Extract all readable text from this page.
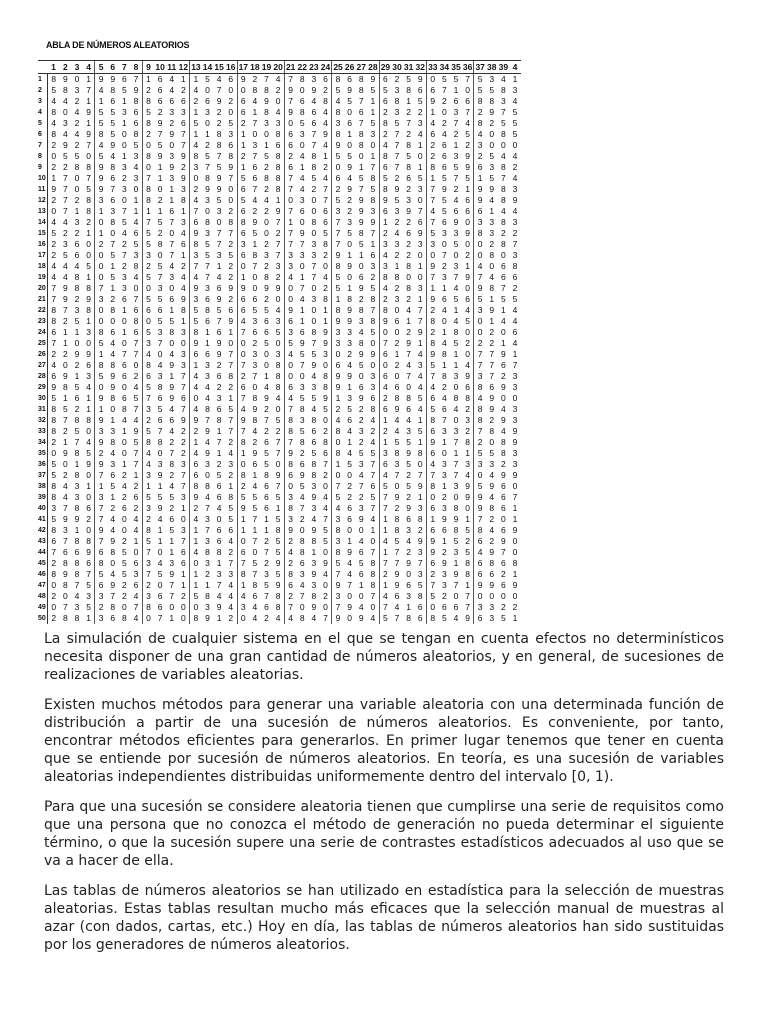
ABLA DE NÚMEROS ALEATORIOS
	1	2	3	4	5	6	7	8	9	10	11	12	13	14	15	16	17	18	19	20	21	22	23	24	25	26	27	28	29	30	31	32	33	34	35	36	37	38	39	4
1	8	9	0	1	9	9	6	7	1	6	4	1	1	5	4	6	9	2	7	4	7	8	3	6	8	6	8	9	6	2	5	9	0	5	5	7	5	3	4	1
2	5	8	3	7	4	8	5	9	2	6	4	2	4	0	7	0	0	8	8	2	9	0	9	2	5	9	8	5	5	3	8	6	6	7	1	0	5	5	8	3
3	4	4	2	1	1	6	1	8	8	6	6	6	2	6	9	2	6	4	9	0	7	6	4	8	4	5	7	1	6	8	1	5	9	2	6	6	8	8	3	4
4	8	0	4	9	5	5	3	6	5	2	3	3	1	3	2	0	6	1	8	4	9	8	6	4	8	0	6	1	2	3	2	2	1	0	3	7	2	9	7	5
5	4	3	2	1	5	5	1	6	8	9	2	6	5	0	2	5	2	7	3	3	0	5	6	4	3	6	7	5	8	5	7	3	4	2	7	4	8	2	5	5
6	8	4	4	9	8	5	0	8	2	7	9	7	1	1	8	3	1	0	0	8	6	3	7	9	8	1	8	3	2	7	2	4	6	4	2	5	4	0	8	5
7	2	9	2	7	4	9	0	5	0	5	0	7	4	2	8	6	1	3	1	6	6	0	7	4	9	0	8	0	4	7	8	1	2	6	1	2	3	0	0	0
8	0	5	5	0	5	4	1	3	8	9	3	9	8	5	7	8	2	7	5	8	2	4	8	1	5	5	0	1	8	7	5	0	2	6	3	9	2	5	4	4
9	2	2	8	8	9	8	3	4	0	1	9	2	3	7	5	9	1	6	2	8	6	1	8	2	0	9	1	7	6	7	8	1	8	6	5	9	6	3	8	2
10	1	7	0	7	9	6	2	3	7	1	3	9	0	8	9	7	5	6	8	8	7	4	5	4	6	4	5	8	5	2	6	5	1	5	7	5	1	5	7	4
11	9	7	0	5	9	7	3	0	8	0	1	3	2	9	9	0	6	7	2	8	7	4	2	7	2	9	7	5	8	9	2	3	7	9	2	1	9	9	8	3
12	2	7	2	8	3	6	0	1	8	2	1	8	4	3	5	0	5	4	4	1	0	3	0	7	5	2	9	8	9	5	3	0	7	5	4	6	9	4	8	9
13	0	7	1	8	1	3	7	1	1	1	6	1	7	0	3	2	6	2	2	9	7	6	0	6	3	2	9	3	6	3	9	7	4	5	6	6	6	1	4	4
14	4	4	3	2	0	8	5	4	7	5	7	3	6	8	0	8	8	9	0	7	1	0	8	6	7	3	9	9	1	2	2	6	7	6	9	0	3	3	8	3
15	5	2	2	1	1	0	4	6	5	2	0	4	9	3	7	7	6	5	0	2	7	9	0	5	7	5	8	7	2	4	6	9	5	3	3	9	8	3	2	2
16	2	3	6	0	2	7	2	5	5	8	7	6	8	5	7	2	3	1	2	7	7	7	3	8	7	0	5	1	3	3	2	3	3	0	5	0	0	2	8	7
17	2	5	6	0	0	5	7	3	3	0	7	1	3	5	3	5	6	8	3	7	3	3	3	2	9	1	1	6	4	2	2	0	0	7	0	2	0	8	0	3
18	4	4	4	5	0	1	2	8	2	5	4	2	7	7	1	2	0	7	2	3	3	0	7	0	8	9	0	3	3	1	8	1	9	2	3	1	4	0	6	8
19	4	4	8	1	0	5	3	4	5	7	3	4	4	7	4	2	1	0	8	2	4	1	7	4	5	0	6	2	8	8	0	0	7	3	7	9	7	4	6	6
20	7	9	8	8	7	1	3	0	0	3	0	4	9	3	6	9	9	0	9	9	0	7	0	2	5	1	9	5	4	2	8	3	1	1	4	0	9	8	7	2
21	7	9	2	9	3	2	6	7	5	5	6	9	3	6	9	2	6	6	2	0	0	4	3	8	1	8	2	8	2	3	2	1	9	6	5	6	5	1	5	5
22	8	7	3	8	0	8	1	6	6	6	1	8	5	8	5	6	6	5	5	4	9	1	0	1	8	9	8	7	8	0	4	7	2	4	1	4	3	9	1	4
23	8	2	5	1	0	0	0	8	0	5	5	1	5	6	7	9	4	3	6	3	6	1	0	1	9	9	3	8	9	6	1	7	8	0	4	5	0	1	4	4
24	6	1	1	3	8	6	1	6	5	3	8	3	8	1	6	1	7	6	6	5	3	6	8	9	3	3	4	5	0	0	2	9	2	1	8	0	0	2	0	6
25	7	1	0	0	5	4	0	7	3	7	0	0	9	1	9	0	0	2	5	0	5	9	7	9	3	3	8	0	7	2	9	1	8	4	5	2	2	2	1	4
26	2	2	9	9	1	4	7	7	4	0	4	3	6	6	9	7	0	3	0	3	4	5	5	3	0	2	9	9	6	1	7	4	9	8	1	0	7	7	9	1
27	4	0	2	6	8	8	6	0	8	4	9	3	1	3	2	7	7	3	0	8	0	7	9	0	6	4	5	0	0	2	4	3	5	1	1	4	7	7	6	7
28	6	9	1	3	5	9	6	2	6	3	1	7	4	3	6	8	2	7	1	8	0	0	4	8	9	9	0	3	6	0	7	4	7	8	3	9	3	7	2	3
29	9	8	5	4	0	9	0	4	5	8	9	7	4	4	2	2	6	0	4	8	6	3	3	8	9	1	6	3	4	6	0	4	4	2	0	6	8	6	9	3
30	5	1	6	1	9	8	6	5	7	6	9	6	0	4	3	1	7	8	9	4	4	5	5	9	1	3	9	6	2	8	8	5	6	4	8	8	4	9	0	0
31	8	5	2	1	1	0	8	7	3	5	4	7	4	8	6	5	4	9	2	0	7	8	4	5	2	5	2	8	6	9	6	4	5	6	4	2	8	9	4	3
32	8	7	8	8	9	1	4	4	2	6	6	9	9	7	8	7	9	8	7	5	8	3	8	0	4	6	2	4	1	4	4	1	8	7	0	3	8	2	9	3
33	8	2	5	0	3	3	1	9	5	7	4	2	2	9	1	7	7	4	2	2	8	5	6	2	8	4	3	2	2	4	3	5	6	3	3	2	7	8	4	9
34	2	1	7	4	9	8	0	5	8	8	2	2	1	4	7	2	8	2	6	7	7	8	6	8	0	1	2	4	1	5	5	1	9	1	7	8	2	0	8	9
35	0	9	8	5	2	4	0	7	4	0	7	2	4	9	1	4	1	9	5	7	9	2	5	6	8	4	5	5	3	8	9	8	6	0	1	1	5	5	8	3
36	5	0	1	9	9	3	1	7	4	3	8	3	6	3	2	3	0	6	5	0	8	6	8	7	1	5	3	7	6	3	5	0	4	3	7	3	3	3	2	3
37	5	2	8	0	7	6	2	1	3	9	2	7	6	0	5	2	8	1	8	9	6	9	8	2	0	0	4	7	4	7	2	7	7	3	7	4	0	4	9	9
38	8	4	3	1	1	5	4	2	1	1	4	7	8	8	6	1	2	4	6	7	0	5	3	0	7	2	7	6	5	0	5	9	8	1	3	9	5	9	6	0
39	8	4	3	0	3	1	2	6	5	5	5	3	9	4	6	8	5	5	6	5	3	4	9	4	5	2	2	5	7	9	2	1	0	2	0	9	9	4	6	7
40	3	7	8	6	7	2	6	2	3	9	2	1	2	7	4	5	9	5	6	1	8	7	3	4	4	6	3	7	7	2	9	3	6	3	8	0	9	8	6	1
41	5	9	9	2	7	4	0	4	2	4	6	0	4	3	0	5	1	7	1	5	3	2	4	7	3	6	9	4	1	8	6	8	1	9	9	1	7	2	0	1
42	8	3	1	0	9	4	0	4	8	1	5	3	1	7	6	6	1	1	1	8	9	0	9	5	8	0	0	1	1	8	3	2	6	6	8	5	8	4	6	9
43	6	7	8	8	7	9	2	1	5	1	1	7	1	3	6	4	0	7	2	5	2	8	8	5	3	1	4	0	4	5	4	9	9	1	5	2	6	2	9	0
44	7	6	6	9	6	8	5	0	7	0	1	6	4	8	8	2	6	0	7	5	4	8	1	0	8	9	6	7	1	7	2	3	9	2	3	5	4	9	7	0
45	2	8	8	6	8	0	5	6	3	4	3	6	0	3	1	7	7	5	2	9	2	6	3	9	5	4	5	8	7	7	9	7	6	9	1	8	6	8	6	8
46	8	9	8	7	5	4	5	3	7	5	9	1	1	2	3	3	8	7	3	5	8	3	9	4	7	4	6	8	2	9	0	3	2	3	9	8	6	6	2	1
47	0	8	7	5	6	9	2	6	2	0	7	1	1	1	7	4	1	8	5	9	6	4	3	0	9	7	1	8	1	9	6	5	7	3	7	1	9	9	6	9
48	2	0	4	3	3	7	2	4	3	6	7	2	5	8	4	4	4	6	7	8	2	7	8	2	3	0	0	7	4	6	3	8	5	2	0	7	0	0	0	0
49	0	7	3	5	2	8	0	7	8	6	0	0	0	3	9	4	3	4	6	8	7	0	9	0	7	9	4	0	7	4	1	6	0	6	6	7	3	3	2	2
50	2	8	8	1	3	6	8	4	0	7	1	0	8	9	1	2	0	4	2	4	4	8	4	7	9	0	9	4	5	7	8	6	8	5	4	9	6	3	5	1

La simulación de cualquier sistema en el que se tengan en cuenta efectos no determinísticos necesita disponer de una gran cantidad de números aleatorios, y en general, de sucesiones de realizaciones de variables aleatorias.

Existen muchos métodos para generar una variable aleatoria con una determinada función de distribución a partir de una sucesión de números aleatorios. Es conveniente, por tanto, encontrar métodos eficientes para generarlos. En primer lugar tenemos que tener en cuenta que se entiende por sucesión de números aleatorios. En teoría, es una sucesión de variables aleatorias independientes distribuidas uniformemente dentro del intervalo [0, 1).

Para que una sucesión se considere aleatoria tienen que cumplirse una serie de requisitos como que una persona que no conozca el método de generación no pueda determinar el siguiente término, o que la sucesión supere una serie de contrastes estadísticos adecuados al uso que se va a hacer de ella.

Las tablas de números aleatorios se han utilizado en estadística para la selección de muestras aleatorias. Estas tablas resultan mucho más eficaces que la selección manual de muestras al azar (con dados, cartas, etc.) Hoy en día, las tablas de números aleatorios han sido sustituidas por los generadores de números aleatorios.
